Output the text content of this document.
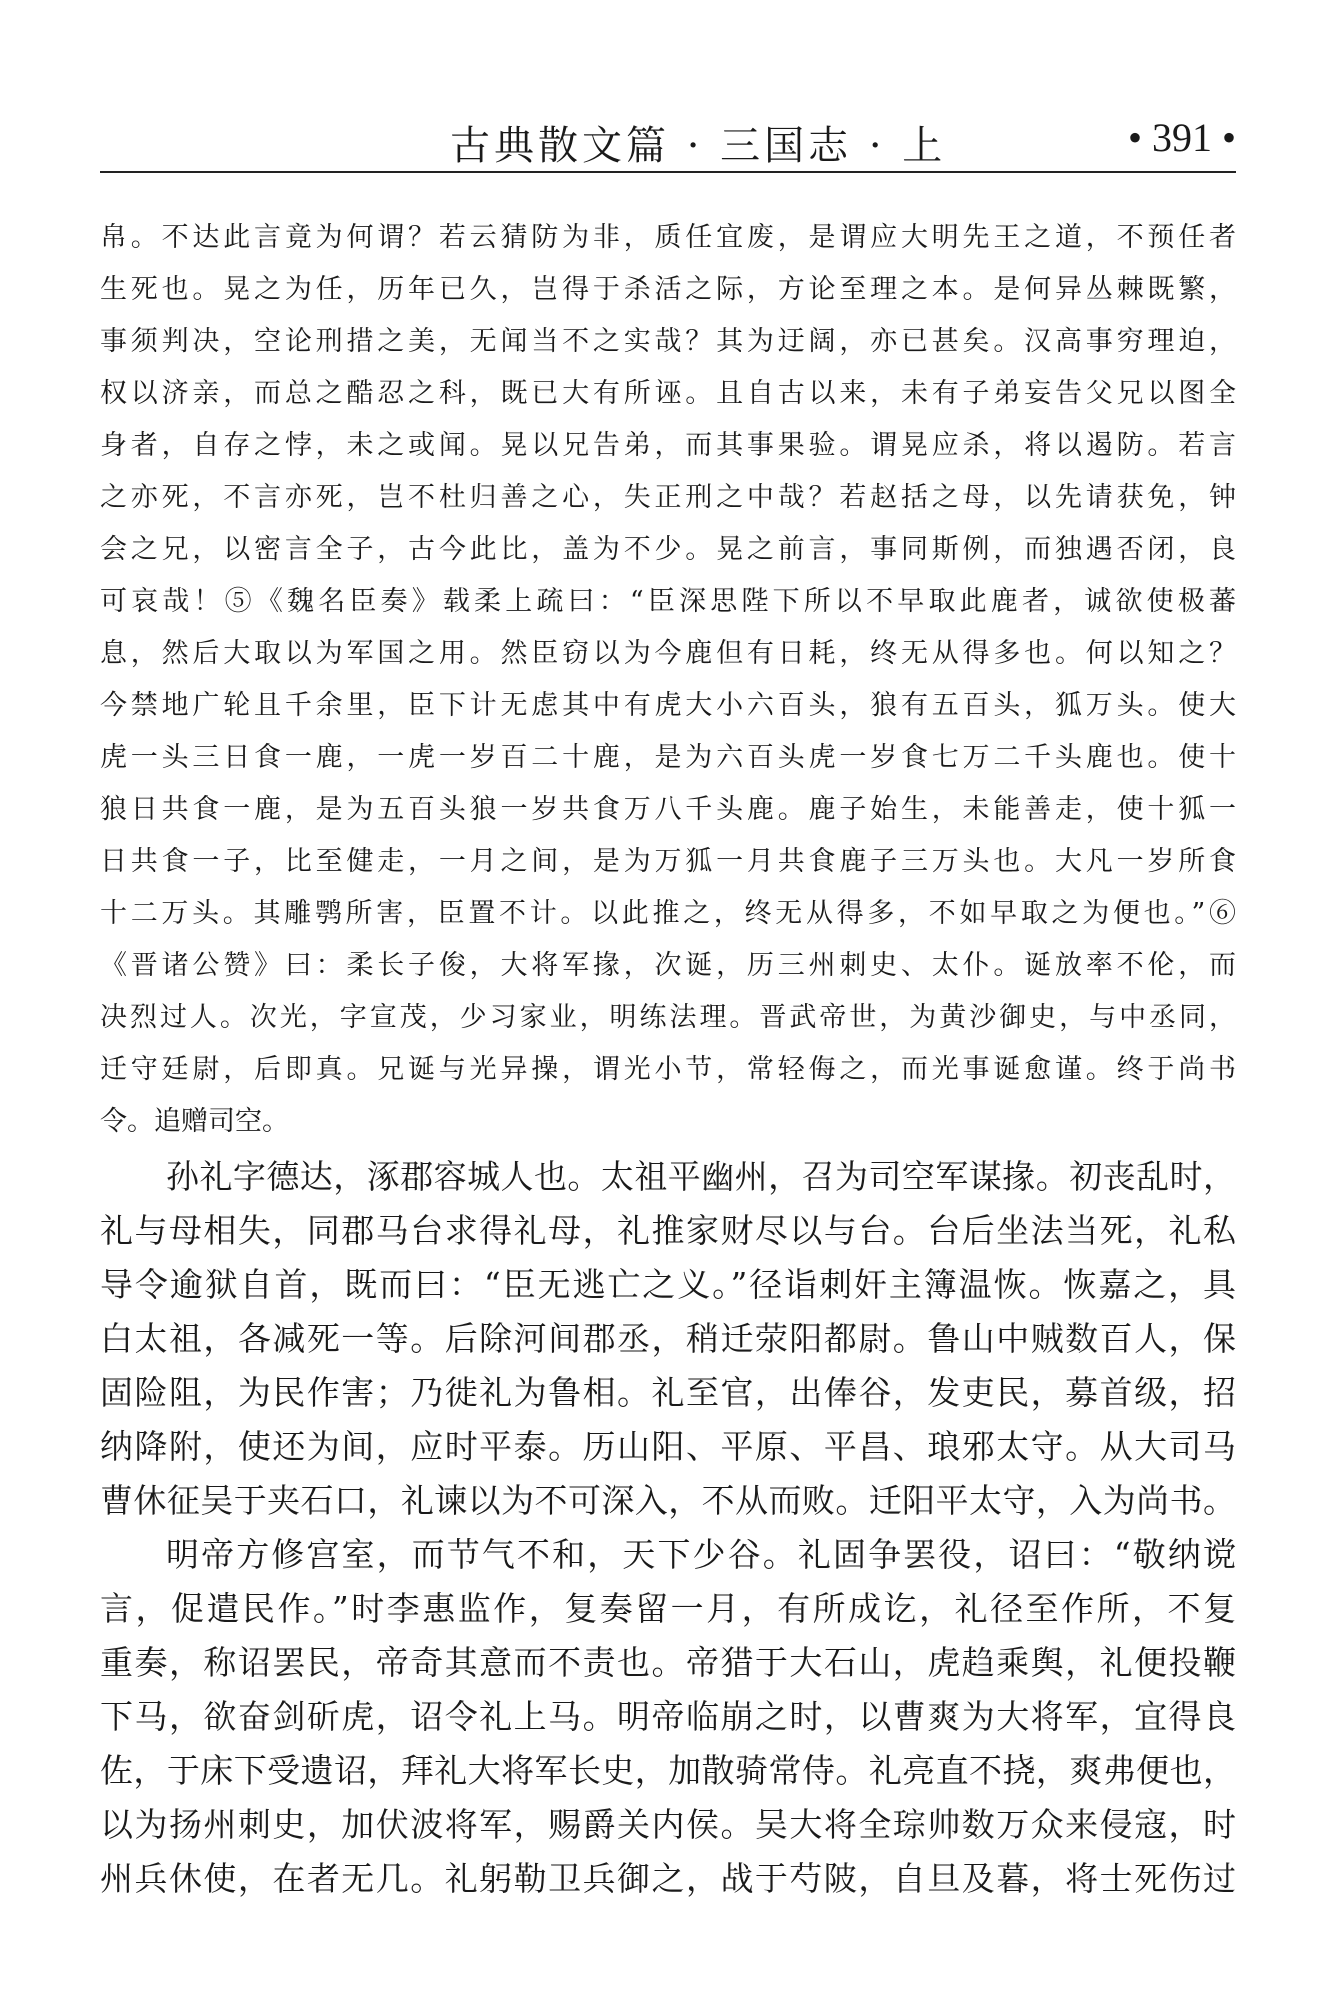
古典散文篇 · 三国志 · 上	• 391 •
帛。不达此言竟为何谓？若云猜防为非，质任宜废，是谓应大明先王之道，不预任者
生死也。晃之为任，历年已久，岂得于杀活之际，方论至理之本。是何异丛棘既繁，
事须判决，空论刑措之美，无闻当不之实哉？其为迂阔，亦已甚矣。汉高事穷理迫，
权以济亲，而总之酷忍之科，既已大有所诬。且自古以来，未有子弟妄告父兄以图全
身者，自存之悖，未之或闻。晃以兄告弟，而其事果验。谓晃应杀，将以遏防。若言
之亦死，不言亦死，岂不杜归善之心，失正刑之中哉？若赵括之母，以先请获免，钟
会之兄，以密言全子，古今此比，盖为不少。晃之前言，事同斯例，而独遇否闭，良
可哀哉！⑤《魏名臣奏》载柔上疏曰：“臣深思陛下所以不早取此鹿者，诚欲使极蕃
息，然后大取以为军国之用。然臣窃以为今鹿但有日耗，终无从得多也。何以知之？
今禁地广轮且千余里，臣下计无虑其中有虎大小六百头，狼有五百头，狐万头。使大
虎一头三日食一鹿，一虎一岁百二十鹿，是为六百头虎一岁食七万二千头鹿也。使十
狼日共食一鹿，是为五百头狼一岁共食万八千头鹿。鹿子始生，未能善走，使十狐一
日共食一子，比至健走，一月之间，是为万狐一月共食鹿子三万头也。大凡一岁所食
十二万头。其雕鹗所害，臣置不计。以此推之，终无从得多，不如早取之为便也。”⑥
《晋诸公赞》曰：柔长子俊，大将军掾，次诞，历三州刺史、太仆。诞放率不伦，而
决烈过人。次光，字宣茂，少习家业，明练法理。晋武帝世，为黄沙御史，与中丞同，
迁守廷尉，后即真。兄诞与光异操，谓光小节，常轻侮之，而光事诞愈谨。终于尚书
令。追赠司空。
孙礼字德达，涿郡容城人也。太祖平幽州，召为司空军谋掾。初丧乱时，
礼与母相失，同郡马台求得礼母，礼推家财尽以与台。台后坐法当死，礼私
导令逾狱自首，既而曰：“臣无逃亡之义。”径诣刺奸主簿温恢。恢嘉之，具
白太祖，各减死一等。后除河间郡丞，稍迁荥阳都尉。鲁山中贼数百人，保
固险阻，为民作害；乃徙礼为鲁相。礼至官，出俸谷，发吏民，募首级，招
纳降附，使还为间，应时平泰。历山阳、平原、平昌、琅邪太守。从大司马
曹休征吴于夹石口，礼谏以为不可深入，不从而败。迁阳平太守，入为尚书。
明帝方修宫室，而节气不和，天下少谷。礼固争罢役，诏曰：“敬纳谠
言，促遣民作。”时李惠监作，复奏留一月，有所成讫，礼径至作所，不复
重奏，称诏罢民，帝奇其意而不责也。帝猎于大石山，虎趋乘舆，礼便投鞭
下马，欲奋剑斫虎，诏令礼上马。明帝临崩之时，以曹爽为大将军，宜得良
佐，于床下受遗诏，拜礼大将军长史，加散骑常侍。礼亮直不挠，爽弗便也，
以为扬州刺史，加伏波将军，赐爵关内侯。吴大将全琮帅数万众来侵寇，时
州兵休使，在者无几。礼躬勒卫兵御之，战于芍陂，自旦及暮，将士死伤过
